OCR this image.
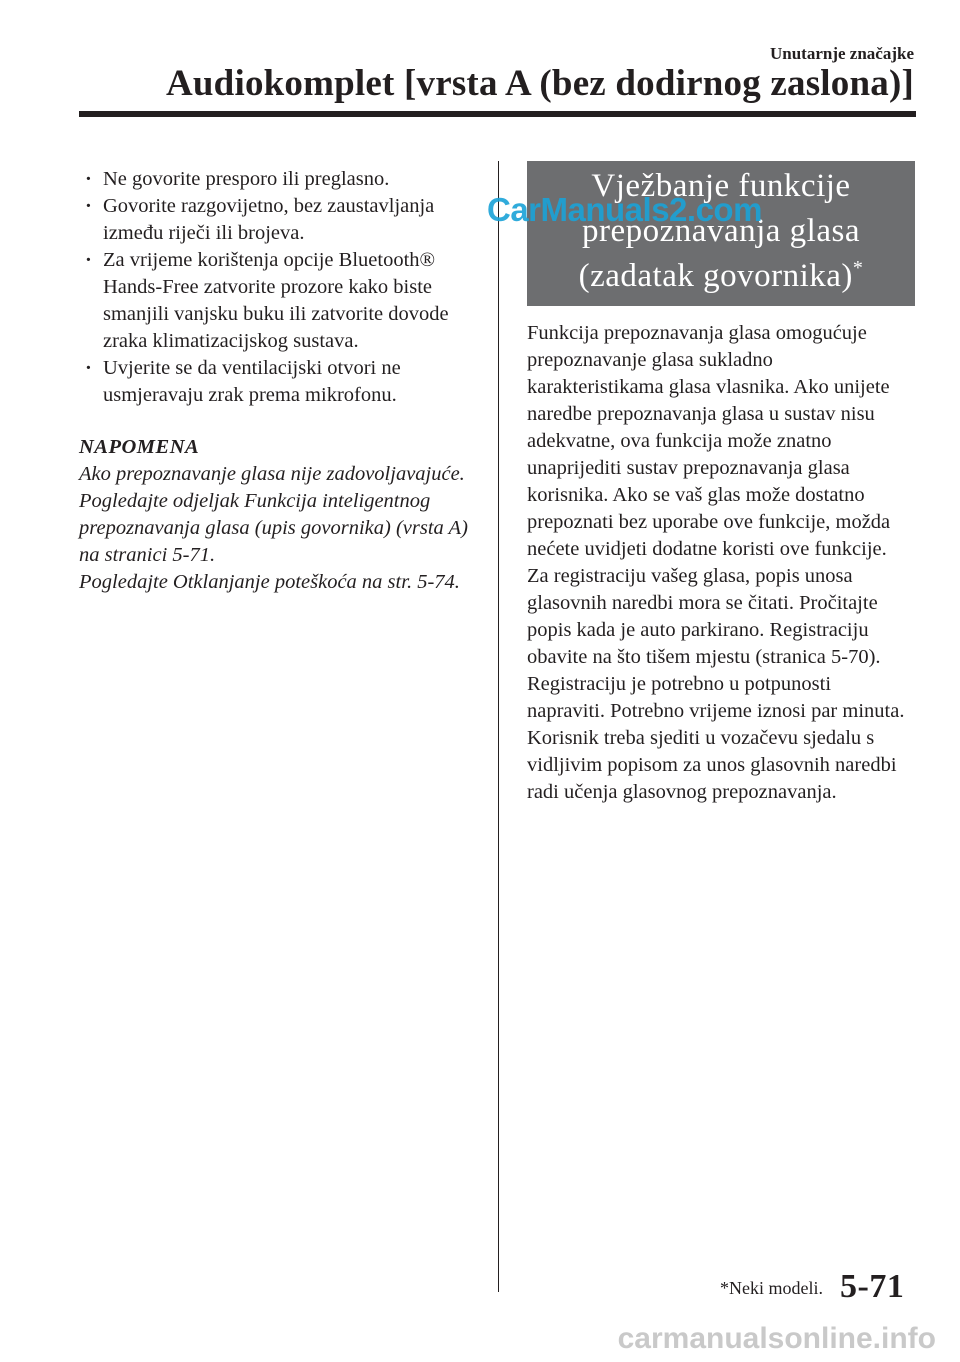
Unutarnje značajke
Audiokomplet [vrsta A (bez dodirnog zaslona)]
· Ne govorite presporo ili preglasno.
· Govorite razgovijetno, bez zaustavljanja između riječi ili brojeva.
· Za vrijeme korištenja opcije Bluetooth® Hands-Free zatvorite prozore kako biste smanjili vanjsku buku ili zatvorite dovode zraka klimatizacijskog sustava.
· Uvjerite se da ventilacijski otvori ne usmjeravaju zrak prema mikrofonu.
NAPOMENA

Ako prepoznavanje glasa nije zadovoljavajuće.

Pogledajte odjeljak Funkcija inteligentnog prepoznavanja glasa (upis govornika) (vrsta A) na stranici 5-71.

Pogledajte Otklanjanje poteškoća na str. 5-74.

Vježbanje funkcije
prepoznavanja glasa
(zadatak govornika)*
CarManuals2.com

Funkcija prepoznavanja glasa omogućuje prepoznavanje glasa sukladno karakteristikama glasa vlasnika. Ako unijete naredbe prepoznavanja glasa u sustav nisu adekvatne, ova funkcija može znatno unaprijediti sustav prepoznavanja glasa korisnika. Ako se vaš glas može dostatno prepoznati bez uporabe ove funkcije, možda nećete uvidjeti dodatne koristi ove funkcije. Za registraciju vašeg glasa, popis unosa glasovnih naredbi mora se čitati. Pročitajte popis kada je auto parkirano. Registraciju obavite na što tišem mjestu (stranica 5-70). Registraciju je potrebno u potpunosti napraviti. Potrebno vrijeme iznosi par minuta. Korisnik treba sjediti u vozačevu sjedalu s vidljivim popisom za unos glasovnih naredbi radi učenja glasovnog prepoznavanja.

*Neki modeli. 5-71
carmanualsonline.info
